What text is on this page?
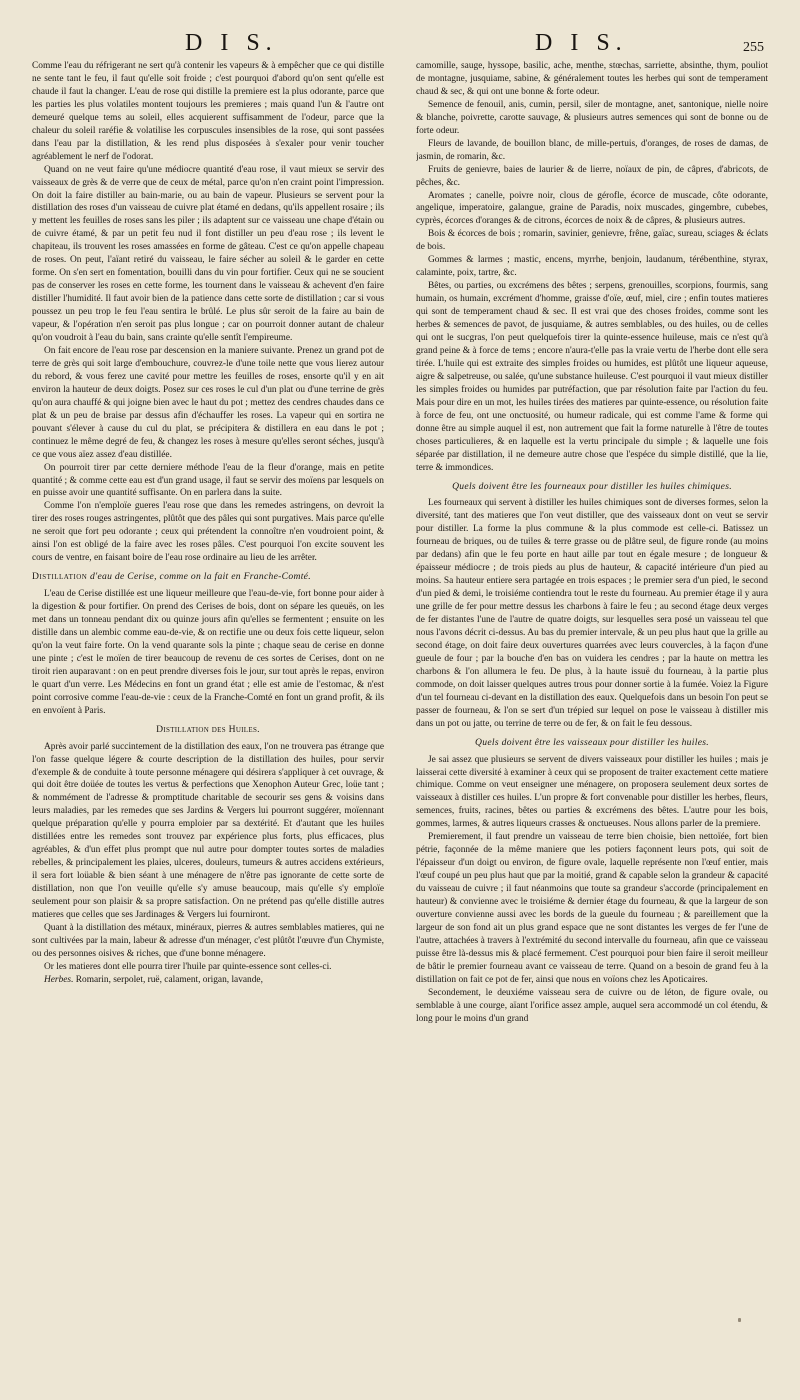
D I S.	D I S.	255

Comme l'eau du réfrigerant ne sert qu'à contenir les vapeurs & à empêcher que ce qui distille ne sente tant le feu, il faut qu'elle soit froide ; c'est pourquoi d'abord qu'on sent qu'elle est chaude il faut la changer. L'eau de rose qui distille la premiere est la plus odorante, parce que les parties les plus volatiles montent toujours les premieres ; mais quand l'un & l'autre ont demeuré quelque tems au soleil, elles acquierent suffisamment de l'odeur, parce que la chaleur du soleil raréfie & volatilise les corpuscules insensibles de la rose, qui sont passées dans l'eau par la distillation, & les rend plus disposées à s'exaler pour venir toucher agréablement le nerf de l'odorat.

Quand on ne veut faire qu'une médiocre quantité d'eau rose, il vaut mieux se servir des vaisseaux de grès & de verre que de ceux de métal, parce qu'on n'en craint point l'impression. On doit la faire distiller au bain-marie, ou au bain de vapeur. Plusieurs se servent pour la distillation des roses d'un vaisseau de cuivre plat étamé en dedans, qu'ils appellent rosaire ; ils y mettent les feuilles de roses sans les piler ; ils adaptent sur ce vaisseau une chape d'étain ou de cuivre étamé, & par un petit feu nud il font distiller un peu d'eau rose ; ils levent le chapiteau, ils trouvent les roses amassées en forme de gâteau. C'est ce qu'on appelle chapeau de roses. On peut, l'aïant retiré du vaisseau, le faire sécher au soleil & le garder en cette forme. On s'en sert en fomentation, bouilli dans du vin pour fortifier. Ceux qui ne se soucient pas de conserver les roses en cette forme, les tournent dans le vaisseau & achevent d'en faire distiller l'humidité. Il faut avoir bien de la patience dans cette sorte de distillation ; car si vous poussez un peu trop le feu l'eau sentira le brûlé. Le plus sûr seroit de la faire au bain de vapeur, & l'opération n'en seroit pas plus longue ; car on pourroit donner autant de chaleur qu'on voudroit à l'eau du bain, sans crainte qu'elle sentît l'empireume.

On fait encore de l'eau rose par descension en la maniere suivante. Prenez un grand pot de terre de grès qui soit large d'embouchure, couvrez-le d'une toile nette que vous lierez autour du rebord, & vous ferez une cavité pour mettre les feuilles de roses, ensorte qu'il y en ait environ la hauteur de deux doigts. Posez sur ces roses le cul d'un plat ou d'une terrine de grès qu'on aura chauffé & qui joigne bien avec le haut du pot ; mettez des cendres chaudes dans ce plat & un peu de braise par dessus afin d'échauffer les roses. La vapeur qui en sortira ne pouvant s'élever à cause du cul du plat, se précipitera & distillera en eau dans le pot ; continuez le même degré de feu, & changez les roses à mesure qu'elles seront séches, jusqu'à ce que vous aïez assez d'eau distillée.

On pourroit tirer par cette derniere méthode l'eau de la fleur d'orange, mais en petite quantité ; & comme cette eau est d'un grand usage, il faut se servir des moïens par lesquels on en puisse avoir une quantité suffisante. On en parlera dans la suite.

Comme l'on n'emploïe gueres l'eau rose que dans les remedes astringens, on devroit la tirer des roses rouges astringentes, plûtôt que des pâles qui sont purgatives. Mais parce qu'elle ne seroit que fort peu odorante ; ceux qui prétendent la connoître n'en voudroient point, & ainsi l'on est obligé de la faire avec les roses pâles. C'est pourquoi l'on excite souvent les cours de ventre, en faisant boire de l'eau rose ordinaire au lieu de les arrêter.

Distillation d'eau de Cerise, comme on la fait en Franche-Comté.

L'eau de Cerise distillée est une liqueur meilleure que l'eau-de-vie, fort bonne pour aider à la digestion & pour fortifier. On prend des Cerises de bois, dont on sépare les queuës, on les met dans un tonneau pendant dix ou quinze jours afin qu'elles se fermentent ; ensuite on les distille dans un alembic comme eau-de-vie, & on rectifie une ou deux fois cette liqueur, selon qu'on la veut faire forte. On la vend quarante sols la pinte ; chaque seau de cerise en donne une pinte ; c'est le moïen de tirer beaucoup de revenu de ces sortes de Cerises, dont on ne tiroit rien auparavant : on en peut prendre diverses fois le jour, sur tout après le repas, environ le quart d'un verre. Les Médecins en font un grand état ; elle est amie de l'estomac, & n'est point corrosive comme l'eau-de-vie : ceux de la Franche-Comté en font un grand profit, & ils en envoïent à Paris.

Distillation des Huiles.

Après avoir parlé succintement de la distillation des eaux, l'on ne trouvera pas étrange que l'on fasse quelque légere & courte description de la distillation des huiles, pour servir d'exemple & de conduite à toute personne ménagere qui désirera s'appliquer à cet ouvrage, & qui doit être doüée de toutes les vertus & perfections que Xenophon Auteur Grec, loüe tant ; & nommément de l'adresse & promptitude charitable de secourir ses gens & voisins dans leurs maladies, par les remedes que ses Jardins & Vergers lui pourront suggérer, moïennant quelque préparation qu'elle y pourra emploier par sa dextérité. Et d'autant que les huiles distillées entre les remedes sont trouvez par expérience plus forts, plus efficaces, plus agréables, & d'un effet plus prompt que nul autre pour dompter toutes sortes de maladies rebelles, & principalement les plaies, ulceres, douleurs, tumeurs & autres accidens extérieurs, il sera fort loüable & bien séant à une ménagere de n'être pas ignorante de cette sorte de distillation, non que l'on veuille qu'elle s'y amuse beaucoup, mais qu'elle s'y emploïe seulement pour son plaisir & sa propre satisfaction. On ne prétend pas qu'elle distille autres matieres que celles que ses Jardinages & Vergers lui fourniront.

Quant à la distillation des métaux, minéraux, pierres & autres semblables matieres, qui ne sont cultivées par la main, labeur & adresse d'un ménager, c'est plûtôt l'œuvre d'un Chymiste, ou des personnes oisives & riches, que d'une bonne ménagere.

Or les matieres dont elle pourra tirer l'huile par quinte-essence sont celles-ci.

Herbes. Romarin, serpolet, ruë, calament, origan, lavande,

camomille, sauge, hyssope, basilic, ache, menthe, stœchas, sarriette, absinthe, thym, pouliot de montagne, jusquiame, sabine, & généralement toutes les herbes qui sont de temperament chaud & sec, & qui ont une bonne & forte odeur.

Semence de fenouil, anis, cumin, persil, siler de montagne, anet, santonique, nielle noire & blanche, poivrette, carotte sauvage, & plusieurs autres semences qui sont de bonne ou de forte odeur.

Fleurs de lavande, de bouillon blanc, de mille-pertuis, d'oranges, de roses de damas, de jasmin, de romarin, &c.

Fruits de genievre, baies de laurier & de lierre, noïaux de pin, de câpres, d'abricots, de pêches, &c.

Aromates ; canelle, poivre noir, clous de gérofle, écorce de muscade, côte odorante, angelique, imperatoire, galangue, graine de Paradis, noix muscades, gingembre, cubebes, cyprès, écorces d'oranges & de citrons, écorces de noix & de câpres, & plusieurs autres.

Bois & écorces de bois ; romarin, savinier, genievre, frêne, gaïac, sureau, sciages & éclats de bois.

Gommes & larmes ; mastic, encens, myrrhe, benjoin, laudanum, térébenthine, styrax, calaminte, poix, tartre, &c.

Bêtes, ou parties, ou excrémens des bêtes ; serpens, grenouilles, scorpions, fourmis, sang humain, os humain, excrément d'homme, graisse d'oïe, œuf, miel, cire ; enfin toutes matieres qui sont de temperament chaud & sec. Il est vrai que des choses froides, comme sont les herbes & semences de pavot, de jusquiame, & autres semblables, ou des huiles, ou de celles qui ont le sucgras, l'on peut quelquefois tirer la quinte-essence huileuse, mais ce n'est qu'à grand peine & à force de tems ; encore n'aura-t'elle pas la vraie vertu de l'herbe dont elle sera tirée. L'huile qui est extraite des simples froides ou humides, est plûtôt une liqueur aqueuse, aigre & salpetreuse, ou salée, qu'une substance huileuse. C'est pourquoi il vaut mieux distiller les simples froides ou humides par putréfaction, que par résolution faite par l'action du feu. Mais pour dire en un mot, les huiles tirées des matieres par quinte-essence, ou résolution faite à force de feu, ont une onctuosité, ou humeur radicale, qui est comme l'ame & forme qui donne être au simple auquel il est, non autrement que fait la forme naturelle à l'être de toutes choses particulieres, & en laquelle est la vertu principale du simple ; & laquelle une fois séparée par distillation, il ne demeure autre chose que l'espéce du simple distillé, que la lie, terre & immondices.

Quels doivent être les fourneaux pour distiller les huiles chimiques.

Les fourneaux qui servent à distiller les huiles chimiques sont de diverses formes, selon la diversité, tant des matieres que l'on veut distiller, que des vaisseaux dont on veut se servir pour distiller. La forme la plus commune & la plus commode est celle-ci. Batissez un fourneau de briques, ou de tuiles & terre grasse ou de plâtre seul, de figure ronde (au moins par dedans) afin que le feu porte en haut aille par tout en égale mesure ; de longueur & épaisseur médiocre ; de trois pieds au plus de hauteur, & capacité intérieure d'un pied au moins. Sa hauteur entiere sera partagée en trois espaces ; le premier sera d'un pied, le second d'un pied & demi, le troisiéme contiendra tout le reste du fourneau. Au premier étage il y aura une grille de fer pour mettre dessus les charbons à faire le feu ; au second étage deux verges de fer distantes l'une de l'autre de quatre doigts, sur lesquelles sera posé un vaisseau tel que nous l'avons décrit ci-dessus. Au bas du premier intervale, & un peu plus haut que la grille au second étage, on doit faire deux ouvertures quarrées avec leurs couvercles, à la façon d'une gueule de four ; par la bouche d'en bas on vuidera les cendres ; par la haute on mettra les charbons & l'on allumera le feu. De plus, à la haute issuë du fourneau, à la partie plus commode, on doit laisser quelques autres trous pour donner sortie à la fumée. Voiez la Figure d'un tel fourneau ci-devant en la distillation des eaux. Quelquefois dans un besoin l'on peut se passer de fourneau, & l'on se sert d'un trépied sur lequel on pose le vaisseau à distiller mis dans un pot ou jatte, ou terrine de terre ou de fer, & on fait le feu dessous.

Quels doivent être les vaisseaux pour distiller les huiles.

Je sai assez que plusieurs se servent de divers vaisseaux pour distiller les huiles ; mais je laisserai cette diversité à examiner à ceux qui se proposent de traiter exactement cette matiere chimique. Comme on veut enseigner une ménagere, on proposera seulement deux sortes de vaisseaux à distiller ces huiles. L'un propre & fort convenable pour distiller les herbes, fleurs, semences, fruits, racines, bêtes ou parties & excrémens des bêtes. L'autre pour les bois, gommes, larmes, & autres liqueurs crasses & onctueuses. Nous allons parler de la premiere.

Premierement, il faut prendre un vaisseau de terre bien choisie, bien nettoïée, fort bien pétrie, façonnée de la même maniere que les potiers façonnent leurs pots, qui soit de l'épaisseur d'un doigt ou environ, de figure ovale, laquelle représente non l'œuf entier, mais l'œuf coupé un peu plus haut que par la moitié, grand & capable selon la grandeur & capacité du vaisseau de cuivre ; il faut néanmoins que toute sa grandeur s'accorde (principalement en hauteur) & convienne avec le troisiéme & dernier étage du fourneau, & que la largeur de son ouverture convienne aussi avec les bords de la gueule du fourneau ; & pareillement que la largeur de son fond ait un plus grand espace que ne sont distantes les verges de fer l'une de l'autre, attachées à travers à l'extrémité du second intervalle du fourneau, afin que ce vaisseau puisse être là-dessus mis & placé fermement. C'est pourquoi pour bien faire il seroit meilleur de bâtir le premier fourneau avant ce vaisseau de terre. Quand on a besoin de grand feu à la distillation on fait ce pot de fer, ainsi que nous en voïons chez les Apoticaires.

Secondement, le deuxiéme vaisseau sera de cuivre ou de léton, de figure ovale, ou semblable à une courge, aïant l'orifice assez ample, auquel sera accommodé un col étendu, & long pour le moins d'un grand
